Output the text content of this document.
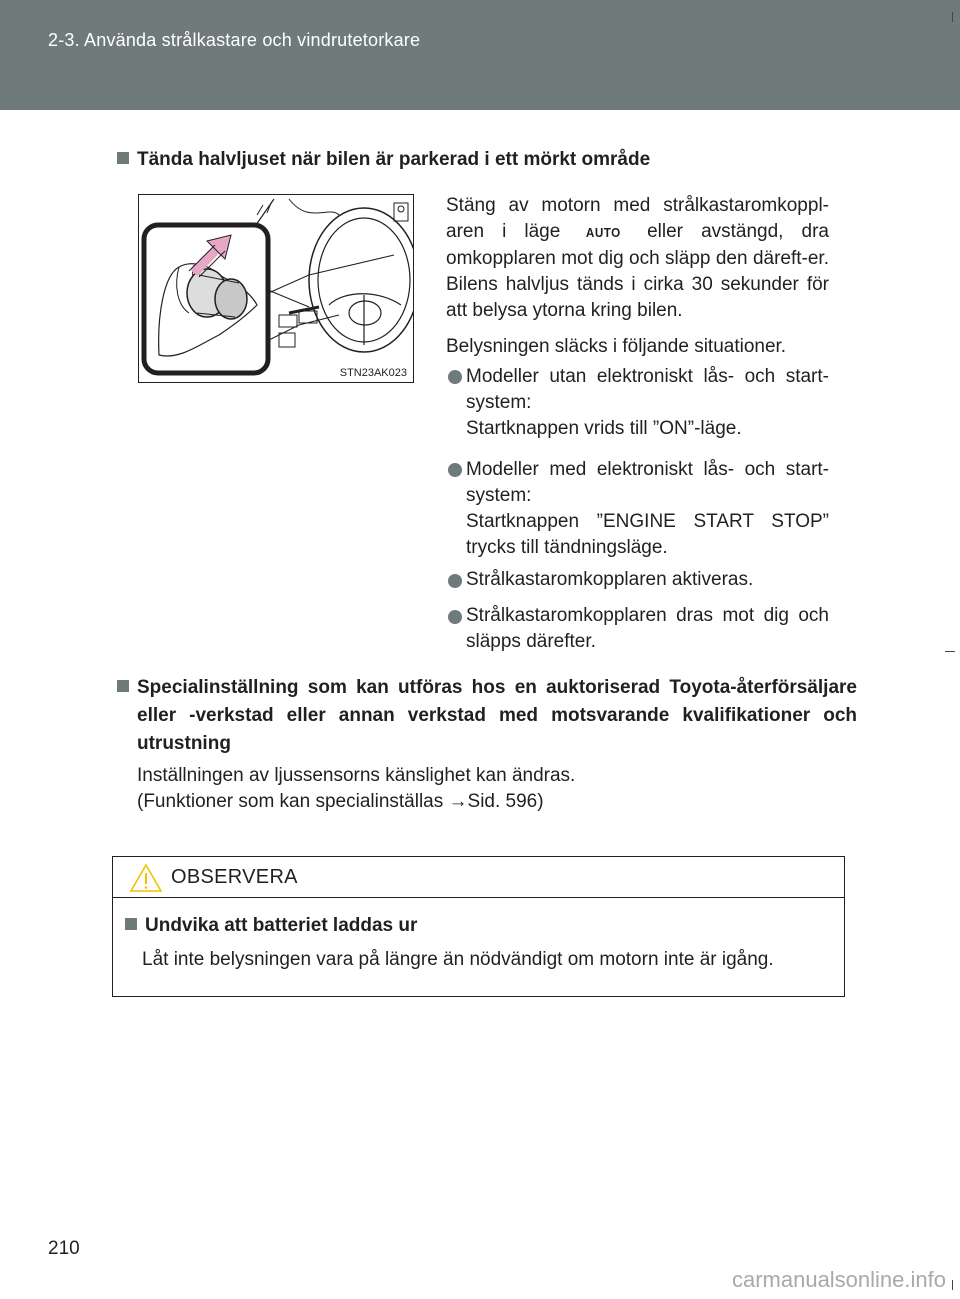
2-3. Använda strålkastare och vindrutetorkare
Tända halvljuset när bilen är parkerad i ett mörkt område
STN23AK023
Stäng av motorn med strålkastaromkoppl-aren i läge AUTO eller avstängd, dra omkopplaren mot dig och släpp den däreft-er. Bilens halvljus tänds i cirka 30 sekunder för att belysa ytorna kring bilen.
Belysningen släcks i följande situationer.
Modeller utan elektroniskt lås- och start-system:
Startknappen vrids till ”ON”-läge.
Modeller med elektroniskt lås- och start-system:
Startknappen ”ENGINE START STOP” trycks till tändningsläge.
Strålkastaromkopplaren aktiveras.
Strålkastaromkopplaren dras mot dig och släpps därefter.
Specialinställning som kan utföras hos en auktoriserad Toyota-återförsäljare eller -verkstad eller annan verkstad med motsvarande kvalifikationer och utrustning
Inställningen av ljussensorns känslighet kan ändras.
(Funktioner som kan specialinställas →Sid. 596)
OBSERVERA
Undvika att batteriet laddas ur
Låt inte belysningen vara på längre än nödvändigt om motorn inte är igång.
210
carmanualsonline.info
